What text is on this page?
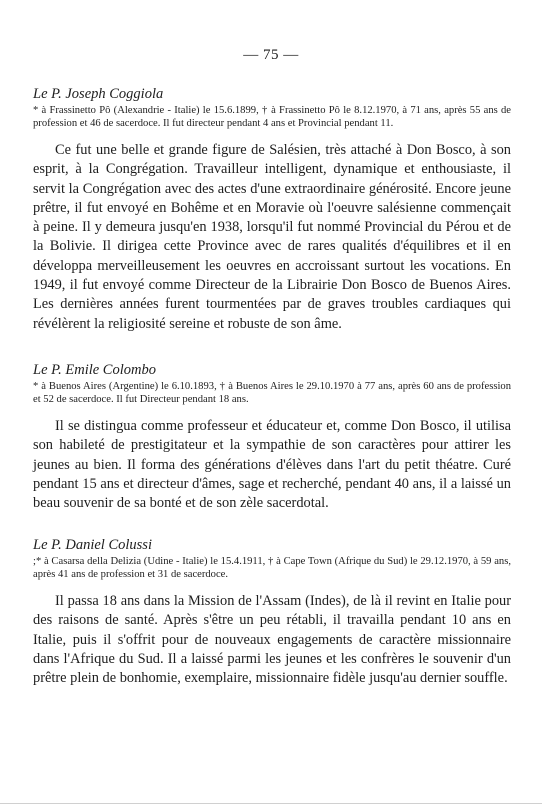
— 75 —

Le P. Joseph Coggiola

* à Frassinetto Pô (Alexandrie - Italie) le 15.6.1899, † à Frassinetto Pô le 8.12.1970, à 71 ans, après 55 ans de profession et 46 de sacerdoce. Il fut directeur pendant 4 ans et Provincial pendant 11.

Ce fut une belle et grande figure de Salésien, très attaché à Don Bosco, à son esprit, à la Congrégation. Travailleur intelligent, dynamique et enthousiaste, il servit la Congrégation avec des actes d'une extraordinaire générosité. Encore jeune prêtre, il fut envoyé en Bohême et en Moravie où l'oeuvre salésienne commençait à peine. Il y demeura jusqu'en 1938, lorsqu'il fut nommé Provincial du Pérou et de la Bolivie. Il dirigea cette Province avec de rares qualités d'équilibres et il en développa merveilleusement les oeuvres en accroissant surtout les vocations. En 1949, il fut envoyé comme Directeur de la Librairie Don Bosco de Buenos Aires. Les dernières années furent tourmentées par de graves troubles cardiaques qui révélèrent la religiosité sereine et robuste de son âme.

Le P. Emile Colombo

* à Buenos Aires (Argentine) le 6.10.1893, † à Buenos Aires le 29.10.1970 à 77 ans, après 60 ans de profession et 52 de sacerdoce. Il fut Directeur pendant 18 ans.

Il se distingua comme professeur et éducateur et, comme Don Bosco, il utilisa son habileté de prestigitateur et la sympathie de son caractères pour attirer les jeunes au bien. Il forma des générations d'élèves dans l'art du petit théatre. Curé pendant 15 ans et directeur d'âmes, sage et recherché, pendant 40 ans, il a laissé un beau souvenir de sa bonté et de son zèle sacerdotal.

Le P. Daniel Colussi

;* à Casarsa della Delizia (Udine - Italie) le 15.4.1911, † à Cape Town (Afrique du Sud) le 29.12.1970, à 59 ans, après 41 ans de profession et 31 de sacerdoce.

Il passa 18 ans dans la Mission de l'Assam (Indes), de là il revint en Italie pour des raisons de santé. Après s'être un peu rétabli, il travailla pendant 10 ans en Italie, puis il s'offrit pour de nouveaux engagements de caractère missionnaire dans l'Afrique du Sud. Il a laissé parmi les jeunes et les confrères le souvenir d'un prêtre plein de bonhomie, exemplaire, missionnaire fidèle jusqu'au dernier souffle.
